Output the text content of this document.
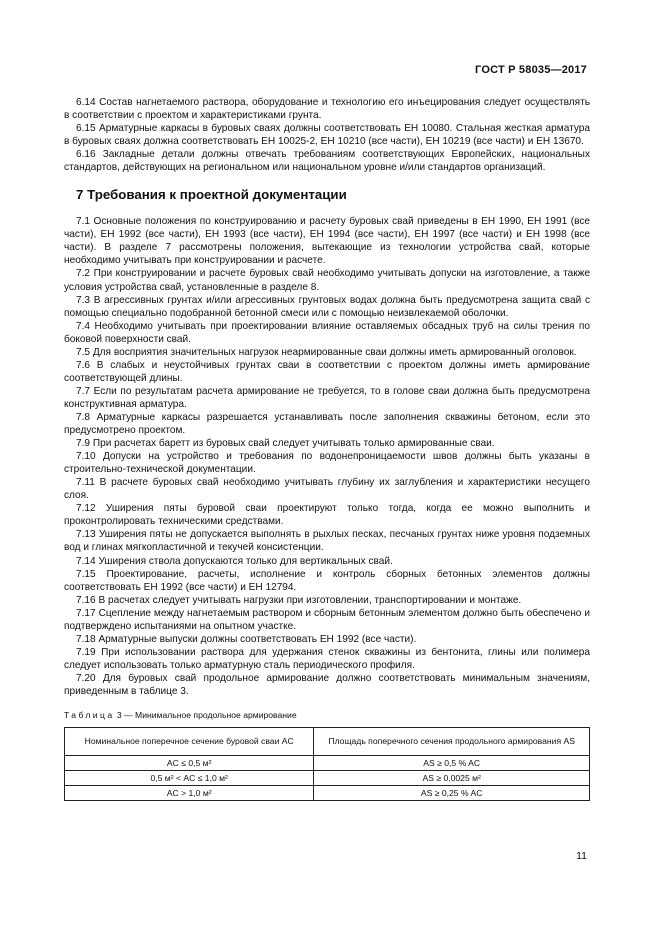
ГОСТ Р 58035—2017

6.14 Состав нагнетаемого раствора, оборудование и технологию его инъецирования следует осуществлять в соответствии с проектом и характеристиками грунта.

6.15 Арматурные каркасы в буровых сваях должны соответствовать ЕН 10080. Стальная жесткая арматура в буровых сваях должна соответствовать ЕН 10025-2, ЕН 10210 (все части), ЕН 10219 (все части) и ЕН 13670.

6.16 Закладные детали должны отвечать требованиям соответствующих Европейских, национальных стандартов, действующих на региональном или национальном уровне и/или стандартов организаций.

7 Требования к проектной документации

7.1 Основные положения по конструированию и расчету буровых свай приведены в ЕН 1990, ЕН 1991 (все части), ЕН 1992 (все части), ЕН 1993 (все части), ЕН 1994 (все части), ЕН 1997 (все части) и ЕН 1998 (все части). В разделе 7 рассмотрены положения, вытекающие из технологии устройства свай, которые необходимо учитывать при конструировании и расчете.

7.2 При конструировании и расчете буровых свай необходимо учитывать допуски на изготовление, а также условия устройства свай, установленные в разделе 8.

7.3 В агрессивных грунтах и/или агрессивных грунтовых водах должна быть предусмотрена защита свай с помощью специально подобранной бетонной смеси или с помощью неизвлекаемой оболочки.

7.4 Необходимо учитывать при проектировании влияние оставляемых обсадных труб на силы трения по боковой поверхности свай.

7.5 Для восприятия значительных нагрузок неармированные сваи должны иметь армированный оголовок.

7.6 В слабых и неустойчивых грунтах сваи в соответствии с проектом должны иметь армирование соответствующей длины.

7.7 Если по результатам расчета армирование не требуется, то в голове сваи должна быть предусмотрена конструктивная арматура.

7.8 Арматурные каркасы разрешается устанавливать после заполнения скважины бетоном, если это предусмотрено проектом.

7.9 При расчетах баретт из буровых свай следует учитывать только армированные сваи.

7.10 Допуски на устройство и требования по водонепроницаемости швов должны быть указаны в строительно-технической документации.

7.11 В расчете буровых свай необходимо учитывать глубину их заглубления и характеристики несущего слоя.

7.12 Уширения пяты буровой сваи проектируют только тогда, когда ее можно выполнить и проконтролировать техническими средствами.

7.13 Уширения пяты не допускается выполнять в рыхлых песках, песчаных грунтах ниже уровня подземных вод и глинах мягкопластичной и текучей консистенции.

7.14 Уширения ствола допускаются только для вертикальных свай.

7.15 Проектирование, расчеты, исполнение и контроль сборных бетонных элементов должны соответствовать ЕН 1992 (все части) и ЕН 12794.

7.16 В расчетах следует учитывать нагрузки при изготовлении, транспортировании и монтаже.

7.17 Сцепление между нагнетаемым раствором и сборным бетонным элементом должно быть обеспечено и подтверждено испытаниями на опытном участке.

7.18 Арматурные выпуски должны соответствовать ЕН 1992 (все части).

7.19 При использовании раствора для удержания стенок скважины из бентонита, глины или полимера следует использовать только арматурную сталь периодического профиля.

7.20 Для буровых свай продольное армирование должно соответствовать минимальным значениям, приведенным в таблице 3.

Таблица 3 — Минимальное продольное армирование
Номинальное поперечное сечение буровой сваи AC	Площадь поперечного сечения продольного армирования AS
AC ≤ 0,5 м²	AS ≥ 0,5 % AC
0,5 м² < AC ≤ 1,0 м²	AS ≥ 0,0025 м²
AC > 1,0 м²	AS ≥ 0,25 % AC
11
